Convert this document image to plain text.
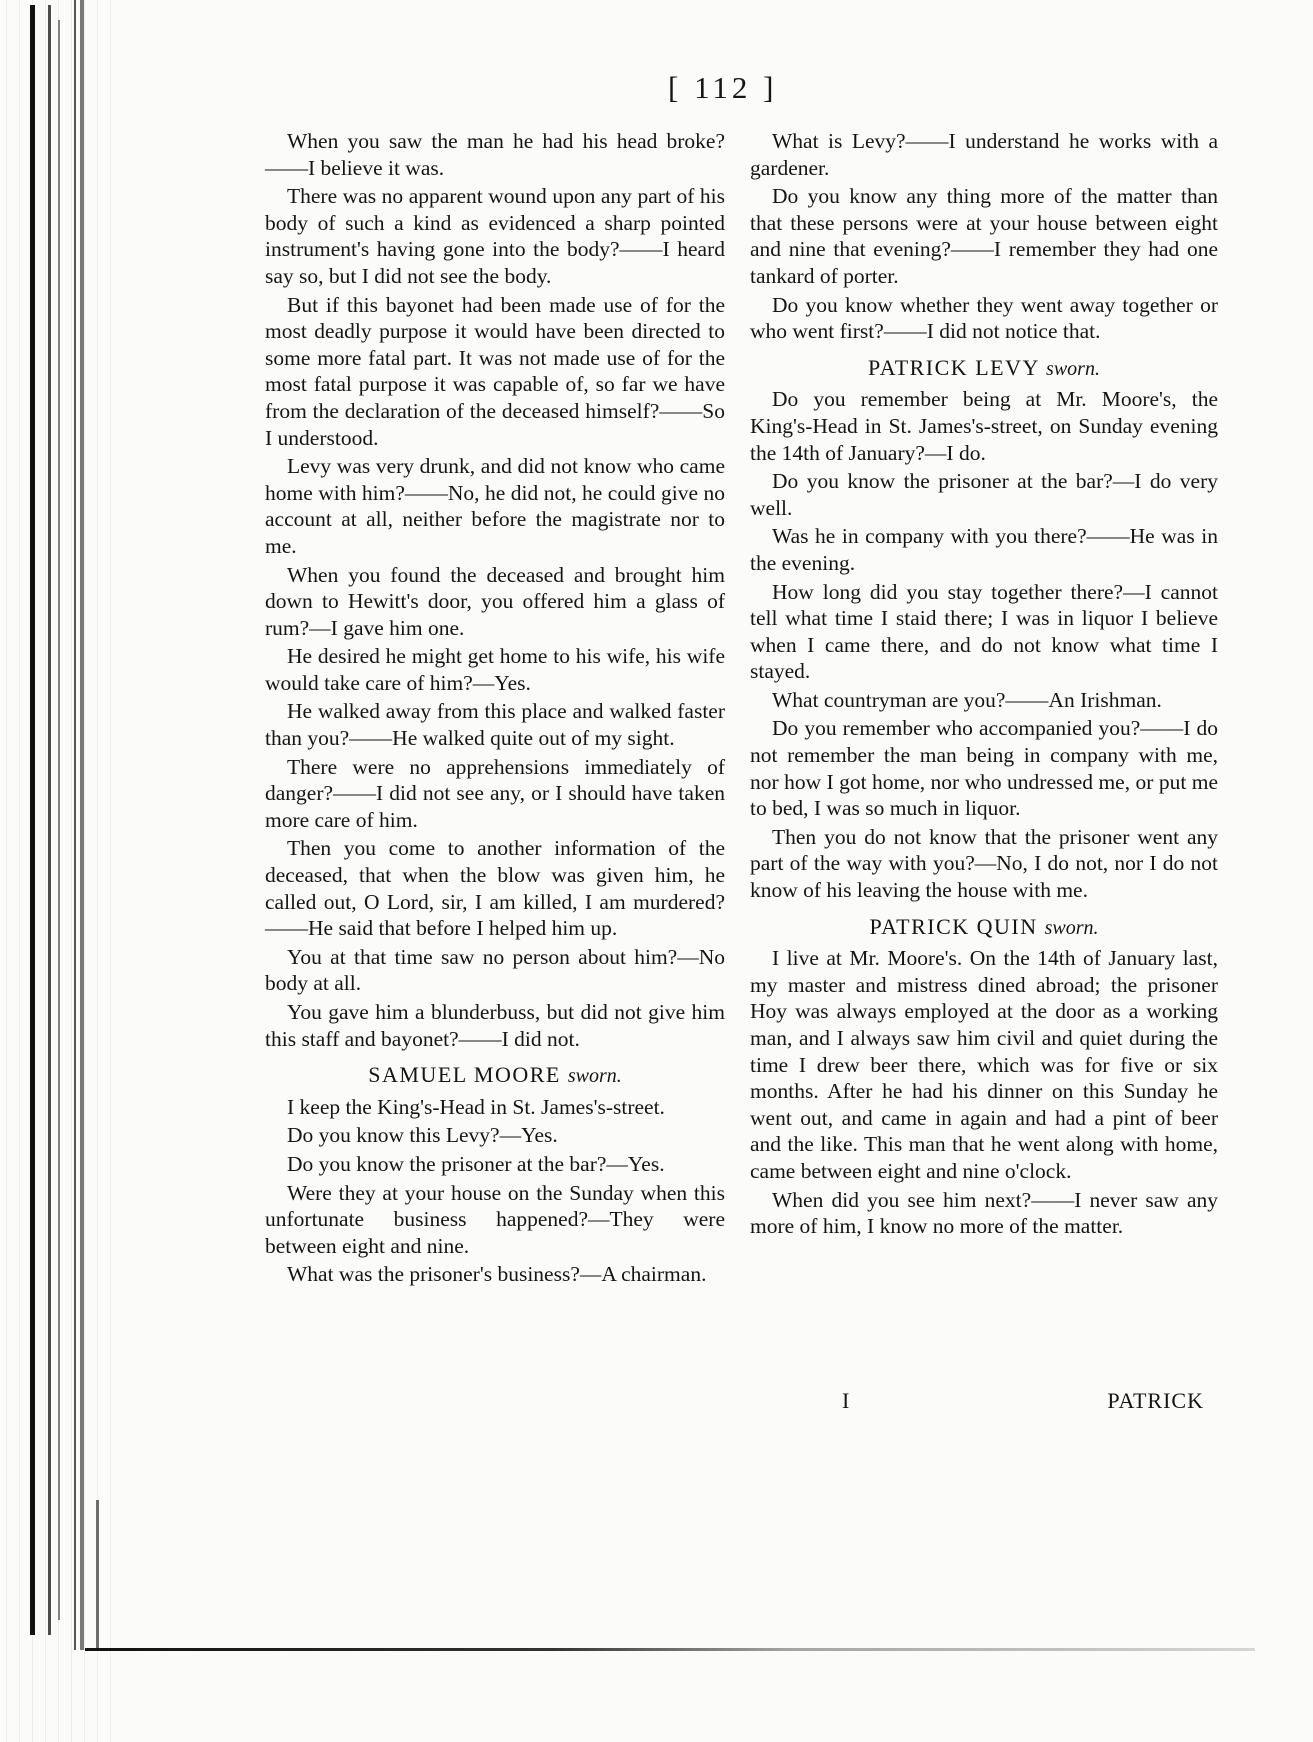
[ 112 ]

When you saw the man he had his head broke?——I believe it was.

There was no apparent wound upon any part of his body of such a kind as evidenced a sharp pointed instrument's having gone into the body?——I heard say so, but I did not see the body.

But if this bayonet had been made use of for the most deadly purpose it would have been directed to some more fatal part. It was not made use of for the most fatal purpose it was capable of, so far we have from the declaration of the deceased himself?——So I understood.

Levy was very drunk, and did not know who came home with him?——No, he did not, he could give no account at all, neither before the magistrate nor to me.

When you found the deceased and brought him down to Hewitt's door, you offered him a glass of rum?—I gave him one.

He desired he might get home to his wife, his wife would take care of him?—Yes.

He walked away from this place and walked faster than you?——He walked quite out of my sight.

There were no apprehensions immediately of danger?——I did not see any, or I should have taken more care of him.

Then you come to another information of the deceased, that when the blow was given him, he called out, O Lord, sir, I am killed, I am murdered?——He said that before I helped him up.

You at that time saw no person about him?—No body at all.

You gave him a blunderbuss, but did not give him this staff and bayonet?——I did not.

SAMUEL MOORE sworn.

I keep the King's-Head in St. James's-street.

Do you know this Levy?—Yes.

Do you know the prisoner at the bar?—Yes.

Were they at your house on the Sunday when this unfortunate business happened?—They were between eight and nine.

What was the prisoner's business?—A chairman.

What is Levy?——I understand he works with a gardener.

Do you know any thing more of the matter than that these persons were at your house between eight and nine that evening?——I remember they had one tankard of porter.

Do you know whether they went away together or who went first?——I did not notice that.

PATRICK LEVY sworn.

Do you remember being at Mr. Moore's, the King's-Head in St. James's-street, on Sunday evening the 14th of January?—I do.

Do you know the prisoner at the bar?—I do very well.

Was he in company with you there?——He was in the evening.

How long did you stay together there?—I cannot tell what time I staid there; I was in liquor I believe when I came there, and do not know what time I stayed.

What countryman are you?——An Irishman.

Do you remember who accompanied you?——I do not remember the man being in company with me, nor how I got home, nor who undressed me, or put me to bed, I was so much in liquor.

Then you do not know that the prisoner went any part of the way with you?—No, I do not, nor I do not know of his leaving the house with me.

PATRICK QUIN sworn.

I live at Mr. Moore's. On the 14th of January last, my master and mistress dined abroad; the prisoner Hoy was always employed at the door as a working man, and I always saw him civil and quiet during the time I drew beer there, which was for five or six months. After he had his dinner on this Sunday he went out, and came in again and had a pint of beer and the like. This man that he went along with home, came between eight and nine o'clock.

When did you see him next?——I never saw any more of him, I know no more of the matter.

I	PATRICK
